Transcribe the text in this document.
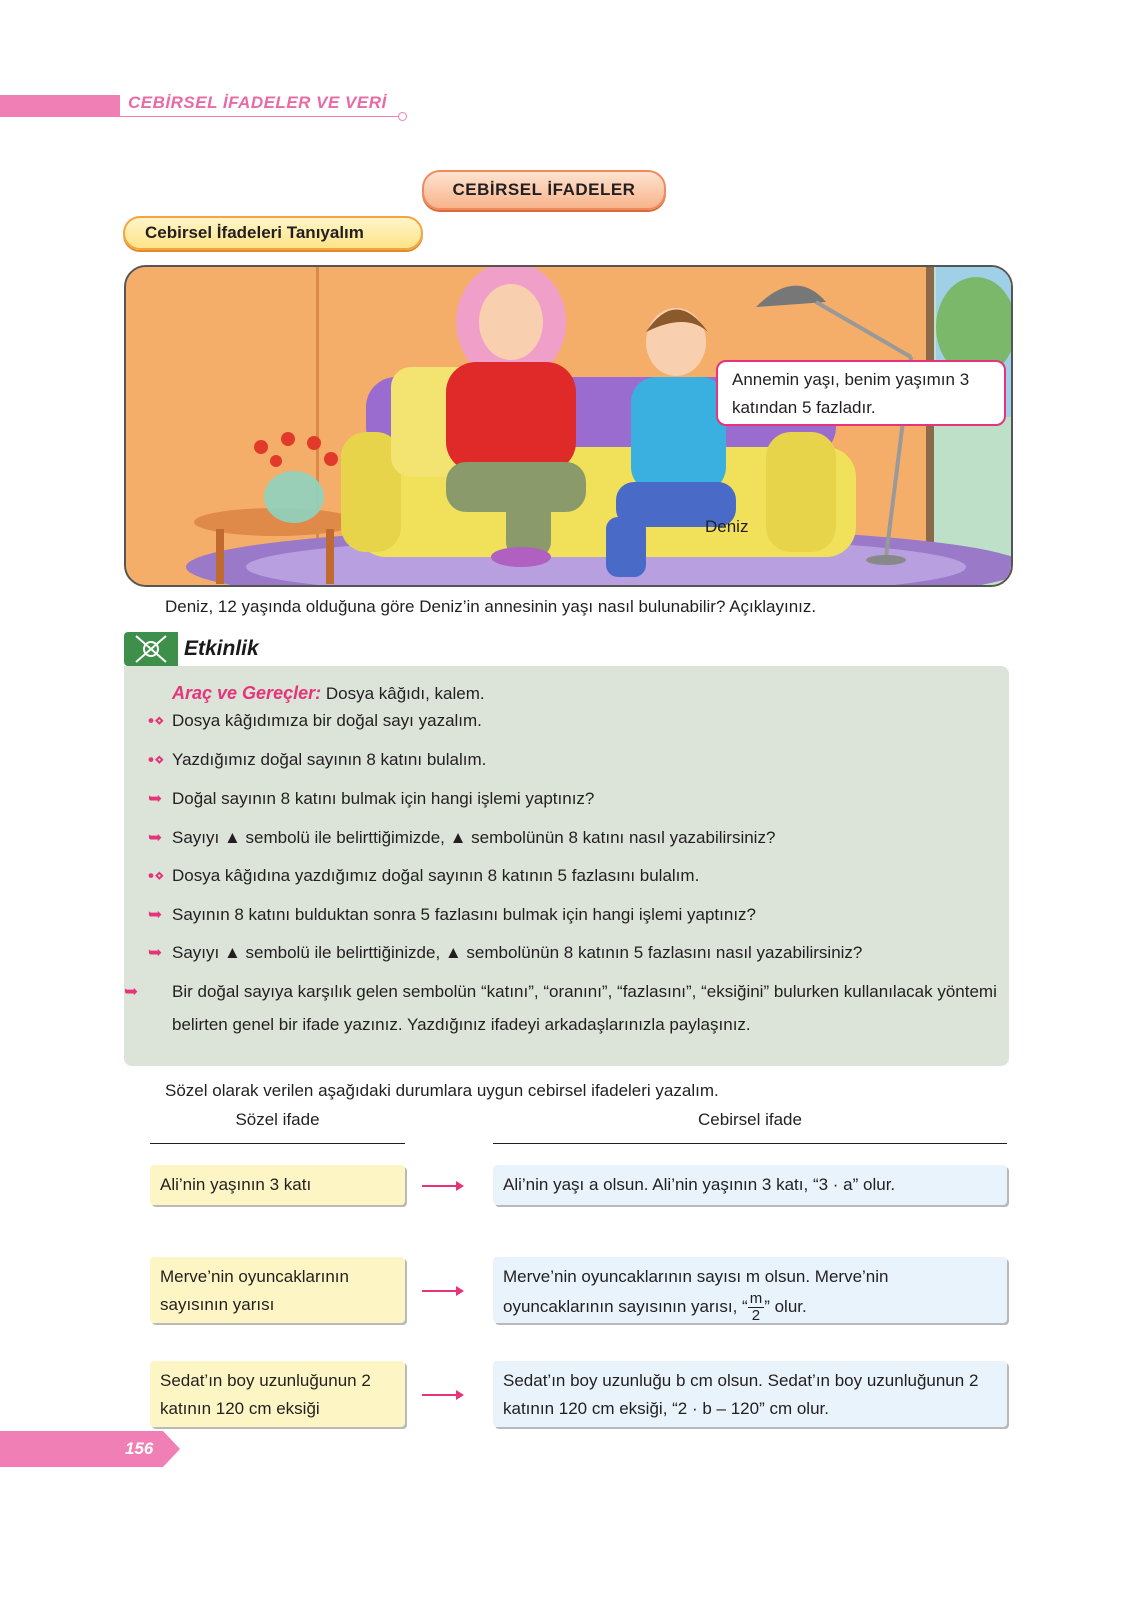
CEBİRSEL İFADELER VE VERİ
CEBİRSEL İFADELER
Cebirsel İfadeleri Tanıyalım
Annemin yaşı, benim yaşımın 3 katından 5 fazladır.
Deniz
Deniz, 12 yaşında olduğuna göre Deniz’in annesinin yaşı nasıl bulunabilir? Açıklayınız.
Etkinlik
Araç ve Gereçler: Dosya kâğıdı, kalem.
•⋄ Dosya kâğıdımıza bir doğal sayı yazalım.
•⋄ Yazdığımız doğal sayının 8 katını bulalım.
➥ Doğal sayının 8 katını bulmak için hangi işlemi yaptınız?
➥ Sayıyı ▲ sembolü ile belirttiğimizde, ▲ sembolünün 8 katını nasıl yazabilirsiniz?
•⋄ Dosya kâğıdına yazdığımız doğal sayının 8 katının 5 fazlasını bulalım.
➥ Sayının 8 katını bulduktan sonra 5 fazlasını bulmak için hangi işlemi yaptınız?
➥ Sayıyı ▲ sembolü ile belirttiğinizde, ▲ sembolünün 8 katının 5 fazlasını nasıl yazabilirsiniz?
➥ Bir doğal sayıya karşılık gelen sembolün “katını”, “oranını”, “fazlasını”, “eksiğini” bulurken kullanılacak yöntemi belirten genel bir ifade yazınız. Yazdığınız ifadeyi arkadaşlarınızla paylaşınız.
Sözel olarak verilen aşağıdaki durumlara uygun cebirsel ifadeleri yazalım.
Sözel ifade	Cebirsel ifade
Ali’nin yaşının 3 katı	Ali’nin yaşı a olsun. Ali’nin yaşının 3 katı, “3 · a” olur.
Merve’nin oyuncaklarının sayısının yarısı
Merve’nin oyuncaklarının sayısı m olsun. Merve’nin oyuncaklarının sayısının yarısı, “ $\frac{m}{2}$ ” olur.
Sedat’ın boy uzunluğunun 2 katının 120 cm eksiği
Sedat’ın boy uzunluğu b cm olsun. Sedat’ın boy uzunluğunun 2 katının 120 cm eksiği, “2 · b – 120” cm olur.
156
